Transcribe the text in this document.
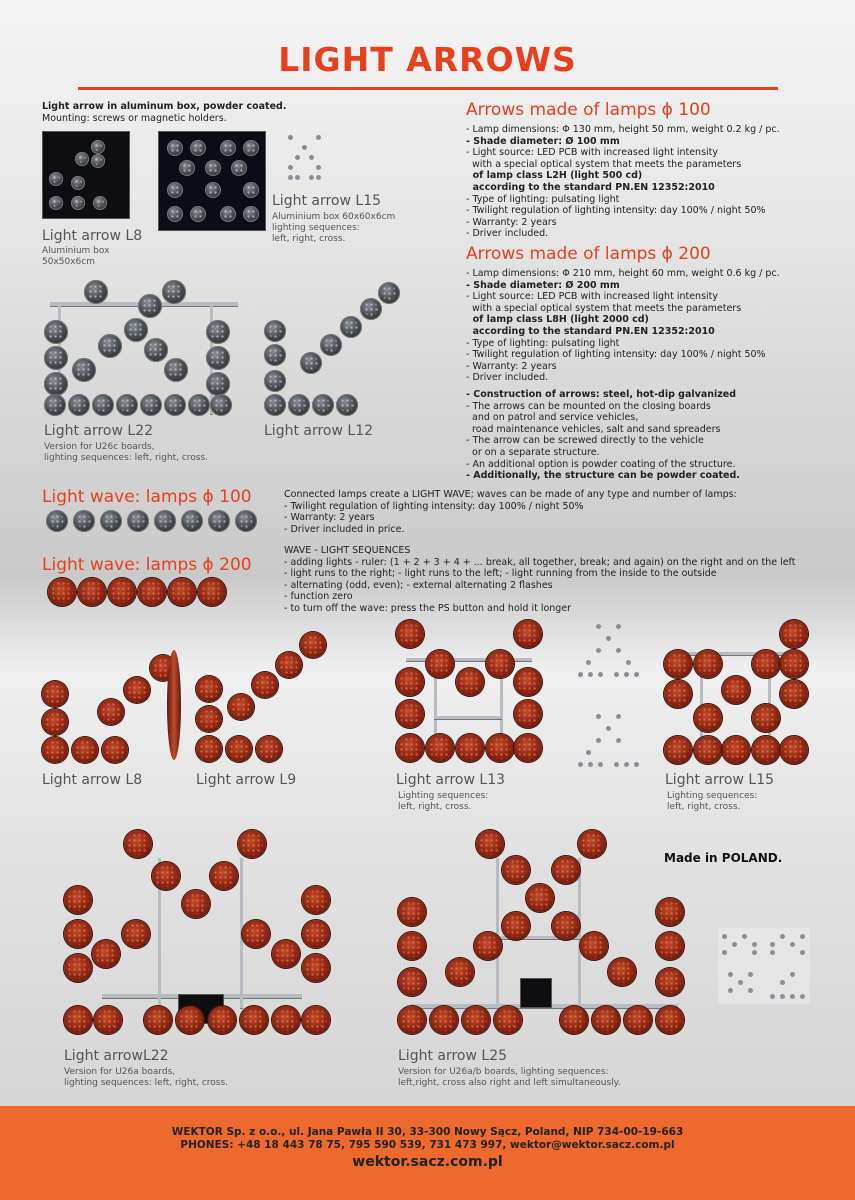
LIGHT ARROWS
Light arrow in aluminum box, powder coated.
Mounting: screws or magnetic holders.
Light arrow L8
Aluminium box
50x50x6cm
Light arrow L15
Aluminium box 60x60x6cm
lighting sequences:
left, right, cross.
Light arrow L22
Version for U26c boards,
lighting sequences: left, right, cross.
Light arrow L12
Arrows made of lamps ϕ 100
- Lamp dimensions: Φ 130 mm, height 50 mm, weight 0.2 kg / pc.
- Shade diameter: Ø 100 mm
- Light source: LED PCB with increased light intensity
with a special optical system that meets the parameters
of lamp class L2H (light 500 cd)
according to the standard PN.EN 12352:2010
- Type of lighting: pulsating light
- Twilight regulation of lighting intensity: day 100% / night 50%
- Warranty: 2 years
- Driver included.
Arrows made of lamps ϕ 200
- Lamp dimensions: Φ 210 mm, height 60 mm, weight 0.6 kg / pc.
- Shade diameter: Ø 200 mm
- Light source: LED PCB with increased light intensity
with a special optical system that meets the parameters
of lamp class L8H (light 2000 cd)
according to the standard PN.EN 12352:2010
- Type of lighting: pulsating light
- Twilight regulation of lighting intensity: day 100% / night 50%
- Warranty: 2 years
- Driver included.
- Construction of arrows: steel, hot-dip galvanized
- The arrows can be mounted on the closing boards
and on patrol and service vehicles,
road maintenance vehicles, salt and sand spreaders
- The arrow can be screwed directly to the vehicle
or on a separate structure.
- An additional option is powder coating of the structure.
- Additionally, the structure can be powder coated.
Light wave: lamps ϕ 100
Light wave: lamps ϕ 200
Connected lamps create a LIGHT WAVE; waves can be made of any type and number of lamps:
- Twilight regulation of lighting intensity: day 100% / night 50%
- Warranty: 2 years
- Driver included in price.
WAVE - LIGHT SEQUENCES
- adding lights - ruler: (1 + 2 + 3 + 4 + ... break, all together, break; and again) on the right and on the left
- light runs to the right; - light runs to the left; - light running from the inside to the outside
- alternating (odd, even); - external alternating 2 flashes
- function zero
- to turn off the wave: press the PS button and hold it longer
Light arrow L8	Light arrow L9	Light arrow L13
Lighting sequences:
left, right, cross.
Light arrow L15
Lighting sequences:
left, right, cross.
Made in POLAND.
Light arrowL22
Version for U26a boards,
lighting sequences: left, right, cross.
Light arrow L25
Version for U26a/b boards, lighting sequences:
left,right, cross also right and left simultaneously.
WEKTOR Sp. z o.o., ul. Jana Pawła II 30, 33-300 Nowy Sącz, Poland, NIP 734-00-19-663
PHONES: +48 18 443 78 75, 795 590 539, 731 473 997, wektor@wektor.sacz.com.pl
wektor.sacz.com.pl
